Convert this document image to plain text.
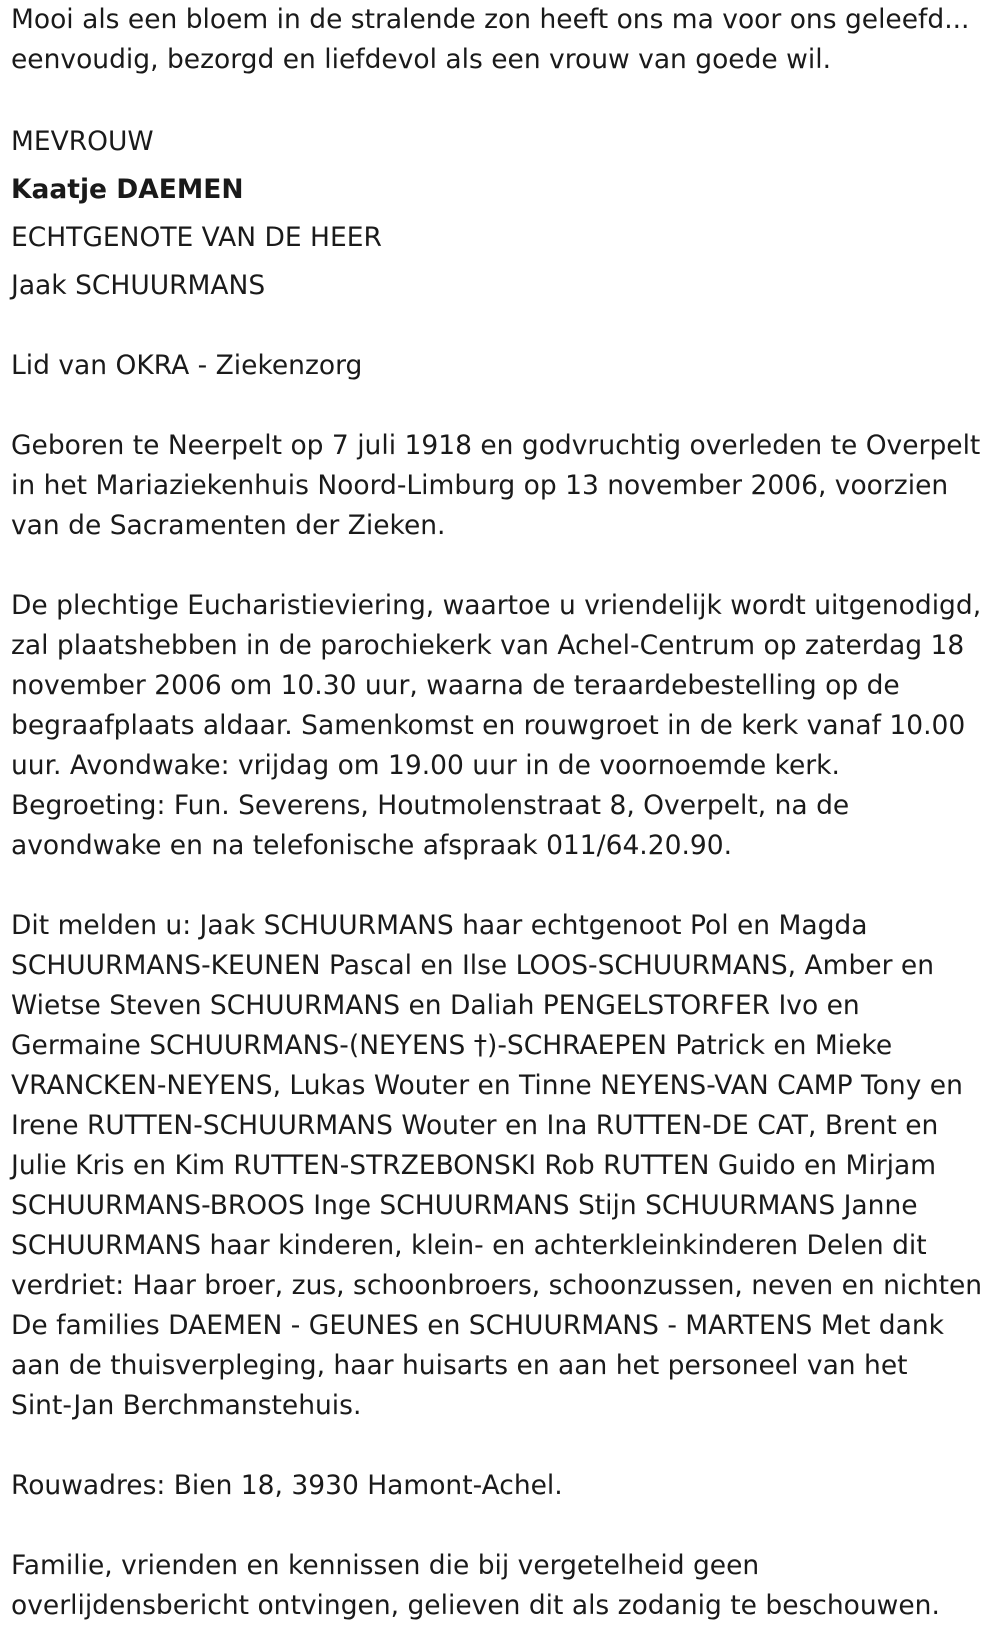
Mooi als een bloem in de stralende zon heeft ons ma voor ons geleefd...
eenvoudig, bezorgd en liefdevol als een vrouw van goede wil.

MEVROUW
Kaatje DAEMEN
ECHTGENOTE VAN DE HEER
Jaak SCHUURMANS

Lid van OKRA - Ziekenzorg

Geboren te Neerpelt op 7 juli 1918 en godvruchtig overleden te Overpelt
in het Mariaziekenhuis Noord-Limburg op 13 november 2006, voorzien
van de Sacramenten der Zieken.

De plechtige Eucharistieviering, waartoe u vriendelijk wordt uitgenodigd,
zal plaatshebben in de parochiekerk van Achel-Centrum op zaterdag 18
november 2006 om 10.30 uur, waarna de teraardebestelling op de
begraafplaats aldaar. Samenkomst en rouwgroet in de kerk vanaf 10.00
uur. Avondwake: vrijdag om 19.00 uur in de voornoemde kerk.
Begroeting: Fun. Severens, Houtmolenstraat 8, Overpelt, na de
avondwake en na telefonische afspraak 011/64.20.90.

Dit melden u: Jaak SCHUURMANS haar echtgenoot Pol en Magda
SCHUURMANS-KEUNEN Pascal en Ilse LOOS-SCHUURMANS, Amber en
Wietse Steven SCHUURMANS en Daliah PENGELSTORFER Ivo en
Germaine SCHUURMANS-(NEYENS †)-SCHRAEPEN Patrick en Mieke
VRANCKEN-NEYENS, Lukas Wouter en Tinne NEYENS-VAN CAMP Tony en
Irene RUTTEN-SCHUURMANS Wouter en Ina RUTTEN-DE CAT, Brent en
Julie Kris en Kim RUTTEN-STRZEBONSKI Rob RUTTEN Guido en Mirjam
SCHUURMANS-BROOS Inge SCHUURMANS Stijn SCHUURMANS Janne
SCHUURMANS haar kinderen, klein- en achterkleinkinderen Delen dit
verdriet: Haar broer, zus, schoonbroers, schoonzussen, neven en nichten
De families DAEMEN - GEUNES en SCHUURMANS - MARTENS Met dank
aan de thuisverpleging, haar huisarts en aan het personeel van het
Sint-Jan Berchmanstehuis.

Rouwadres: Bien 18, 3930 Hamont-Achel.

Familie, vrienden en kennissen die bij vergetelheid geen
overlijdensbericht ontvingen, gelieven dit als zodanig te beschouwen.
